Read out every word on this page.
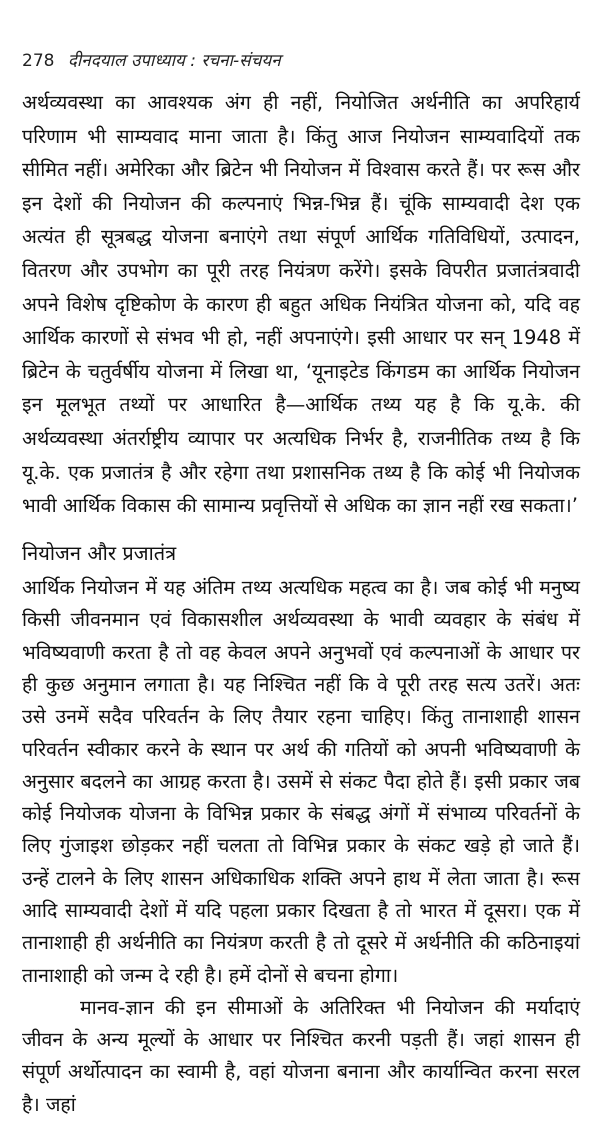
278 दीनदयाल उपाध्याय : रचना-संचयन

अर्थव्यवस्था का आवश्यक अंग ही नहीं, नियोजित अर्थनीति का अपरिहार्य परिणाम भी साम्यवाद माना जाता है। किंतु आज नियोजन साम्यवादियों तक सीमित नहीं। अमेरिका और ब्रिटेन भी नियोजन में विश्वास करते हैं। पर रूस और इन देशों की नियोजन की कल्पनाएं भिन्न-भिन्न हैं। चूंकि साम्यवादी देश एक अत्यंत ही सूत्रबद्ध योजना बनाएंगे तथा संपूर्ण आर्थिक गतिविधियों, उत्पादन, वितरण और उपभोग का पूरी तरह नियंत्रण करेंगे। इसके विपरीत प्रजातंत्रवादी अपने विशेष दृष्टिकोण के कारण ही बहुत अधिक नियंत्रित योजना को, यदि वह आर्थिक कारणों से संभव भी हो, नहीं अपनाएंगे। इसी आधार पर सन् 1948 में ब्रिटेन के चतुर्वर्षीय योजना में लिखा था, ‘यूनाइटेड किंगडम का आर्थिक नियोजन इन मूलभूत तथ्यों पर आधारित है—आर्थिक तथ्य यह है कि यू.के. की अर्थव्यवस्था अंतर्राष्ट्रीय व्यापार पर अत्यधिक निर्भर है, राजनीतिक तथ्य है कि यू.के. एक प्रजातंत्र है और रहेगा तथा प्रशासनिक तथ्य है कि कोई भी नियोजक भावी आर्थिक विकास की सामान्य प्रवृत्तियों से अधिक का ज्ञान नहीं रख सकता।’

नियोजन और प्रजातंत्र

आर्थिक नियोजन में यह अंतिम तथ्य अत्यधिक महत्व का है। जब कोई भी मनुष्य किसी जीवनमान एवं विकासशील अर्थव्यवस्था के भावी व्यवहार के संबंध में भविष्यवाणी करता है तो वह केवल अपने अनुभवों एवं कल्पनाओं के आधार पर ही कुछ अनुमान लगाता है। यह निश्चित नहीं कि वे पूरी तरह सत्य उतरें। अतः उसे उनमें सदैव परिवर्तन के लिए तैयार रहना चाहिए। किंतु तानाशाही शासन परिवर्तन स्वीकार करने के स्थान पर अर्थ की गतियों को अपनी भविष्यवाणी के अनुसार बदलने का आग्रह करता है। उसमें से संकट पैदा होते हैं। इसी प्रकार जब कोई नियोजक योजना के विभिन्न प्रकार के संबद्ध अंगों में संभाव्य परिवर्तनों के लिए गुंजाइश छोड़कर नहीं चलता तो विभिन्न प्रकार के संकट खड़े हो जाते हैं। उन्हें टालने के लिए शासन अधिकाधिक शक्ति अपने हाथ में लेता जाता है। रूस आदि साम्यवादी देशों में यदि पहला प्रकार दिखता है तो भारत में दूसरा। एक में तानाशाही ही अर्थनीति का नियंत्रण करती है तो दूसरे में अर्थनीति की कठिनाइयां तानाशाही को जन्म दे रही है। हमें दोनों से बचना होगा।

मानव-ज्ञान की इन सीमाओं के अतिरिक्त भी नियोजन की मर्यादाएं जीवन के अन्य मूल्यों के आधार पर निश्चित करनी पड़ती हैं। जहां शासन ही संपूर्ण अर्थोत्पादन का स्वामी है, वहां योजना बनाना और कार्यान्वित करना सरल है। जहां
